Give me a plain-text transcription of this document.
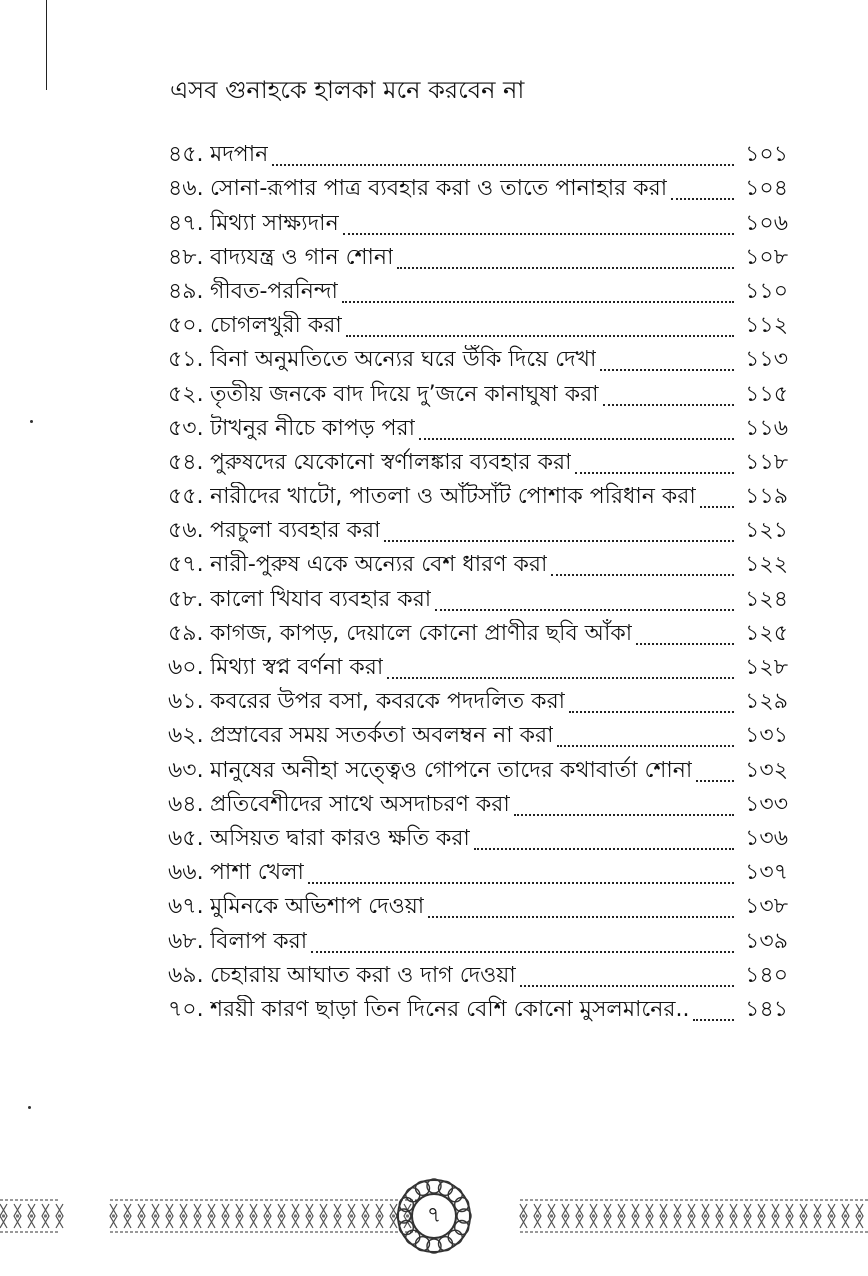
এসব গুনাহকে হালকা মনে করবেন না
৪৫. মদপান	১০১
৪৬. সোনা-রূপার পাত্র ব্যবহার করা ও তাতে পানাহার করা	১০৪
৪৭. মিথ্যা সাক্ষ্যদান	১০৬
৪৮. বাদ্যযন্ত্র ও গান শোনা	১০৮
৪৯. গীবত-পরনিন্দা	১১০
৫০. চোগলখুরী করা	১১২
৫১. বিনা অনুমতিতে অন্যের ঘরে উঁকি দিয়ে দেখা	১১৩
৫২. তৃতীয় জনকে বাদ দিয়ে দু’জনে কানাঘুষা করা	১১৫
৫৩. টাখনুর নীচে কাপড় পরা	১১৬
৫৪. পুরুষদের যেকোনো স্বর্ণালঙ্কার ব্যবহার করা	১১৮
৫৫. নারীদের খাটো, পাতলা ও আঁটসাঁট পোশাক পরিধান করা ১১৯
৫৬. পরচুলা ব্যবহার করা	১২১
৫৭. নারী-পুরুষ একে অন্যের বেশ ধারণ করা	১২২
৫৮. কালো খিযাব ব্যবহার করা	১২৪
৫৯. কাগজ, কাপড়, দেয়ালে কোনো প্রাণীর ছবি আঁকা	১২৫
৬০. মিথ্যা স্বপ্ন বর্ণনা করা	১২৮
৬১. কবরের উপর বসা, কবরকে পদদলিত করা	১২৯
৬২. প্রস্রাবের সময় সতর্কতা অবলম্বন না করা	১৩১
৬৩. মানুষের অনীহা সত্ত্বেও গোপনে তাদের কথাবার্তা শোনা ১৩২
৬৪. প্রতিবেশীদের সাথে অসদাচরণ করা	১৩৩
৬৫. অসিয়ত দ্বারা কারও ক্ষতি করা	১৩৬
৬৬. পাশা খেলা	১৩৭
৬৭. মুমিনকে অভিশাপ দেওয়া	১৩৮
৬৮. বিলাপ করা	১৩৯
৬৯. চেহারায় আঘাত করা ও দাগ দেওয়া	১৪০
৭০. শরয়ী কারণ ছাড়া তিন দিনের বেশি কোনো মুসলমানের..	১৪১
৭
